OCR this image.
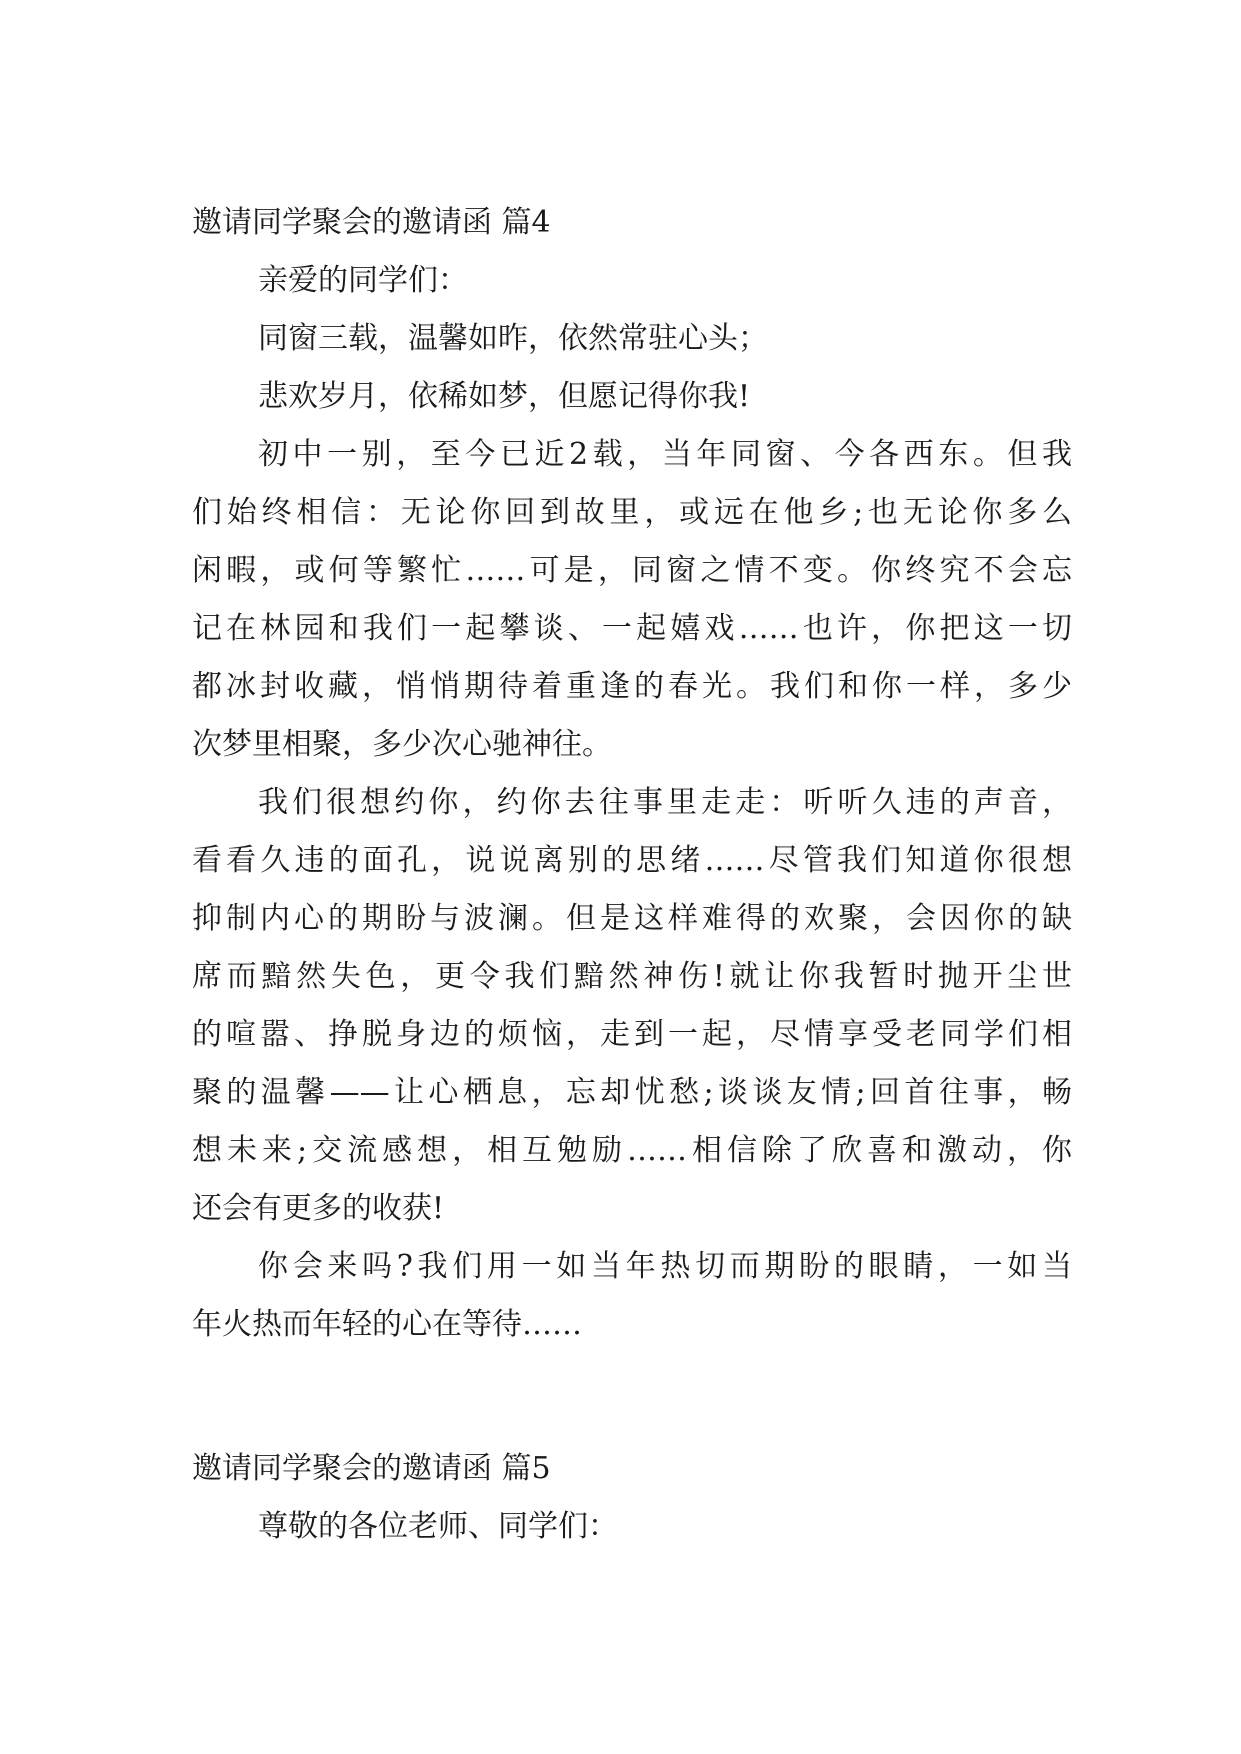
邀请同学聚会的邀请函 篇4
亲爱的同学们：
同窗三载，温馨如昨，依然常驻心头；
悲欢岁月，依稀如梦，但愿记得你我!
初中一别，至今已近2载，当年同窗、今各西东。但我
们始终相信：无论你回到故里，或远在他乡;也无论你多么
闲暇，或何等繁忙……可是，同窗之情不变。你终究不会忘
记在林园和我们一起攀谈、一起嬉戏……也许，你把这一切
都冰封收藏，悄悄期待着重逢的春光。我们和你一样，多少
次梦里相聚，多少次心驰神往。
我们很想约你，约你去往事里走走：听听久违的声音，
看看久违的面孔，说说离别的思绪……尽管我们知道你很想
抑制内心的期盼与波澜。但是这样难得的欢聚，会因你的缺
席而黯然失色，更令我们黯然神伤!就让你我暂时抛开尘世
的喧嚣、挣脱身边的烦恼，走到一起，尽情享受老同学们相
聚的温馨——让心栖息，忘却忧愁;谈谈友情;回首往事，畅
想未来;交流感想，相互勉励……相信除了欣喜和激动，你
还会有更多的收获!
你会来吗?我们用一如当年热切而期盼的眼睛，一如当
年火热而年轻的心在等待……
邀请同学聚会的邀请函 篇5
尊敬的各位老师、同学们：
